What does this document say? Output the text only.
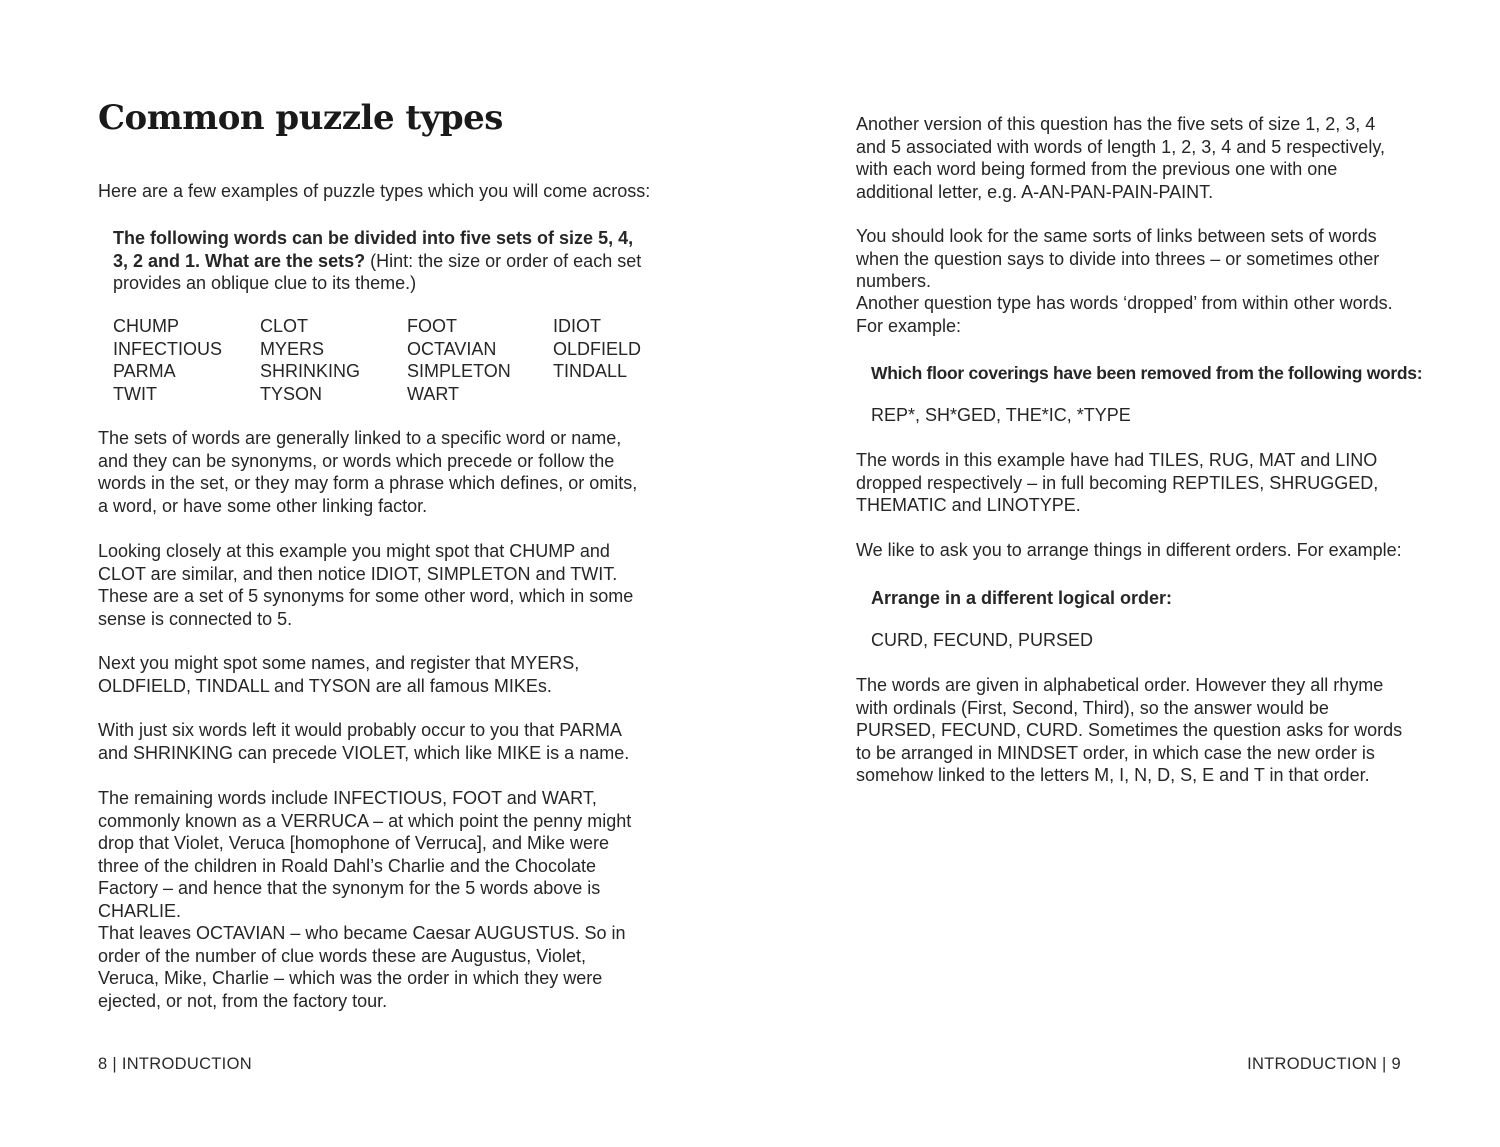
Common puzzle types

Here are a few examples of puzzle types which you will come across:

The following words can be divided into five sets of size 5, 4, 3, 2 and 1. What are the sets? (Hint: the size or order of each set provides an oblique clue to its theme.)

CHUMP	CLOT	FOOT	IDIOT
INFECTIOUS	MYERS	OCTAVIAN	OLDFIELD
PARMA	SHRINKING	SIMPLETON	TINDALL
TWIT	TYSON	WART

The sets of words are generally linked to a specific word or name, and they can be synonyms, or words which precede or follow the words in the set, or they may form a phrase which defines, or omits, a word, or have some other linking factor.

Looking closely at this example you might spot that CHUMP and CLOT are similar, and then notice IDIOT, SIMPLETON and TWIT. These are a set of 5 synonyms for some other word, which in some sense is connected to 5.

Next you might spot some names, and register that MYERS, OLDFIELD, TINDALL and TYSON are all famous MIKEs.

With just six words left it would probably occur to you that PARMA and SHRINKING can precede VIOLET, which like MIKE is a name.

The remaining words include INFECTIOUS, FOOT and WART, commonly known as a VERRUCA – at which point the penny might drop that Violet, Veruca [homophone of Verruca], and Mike were three of the children in Roald Dahl’s Charlie and the Chocolate Factory – and hence that the synonym for the 5 words above is CHARLIE.

That leaves OCTAVIAN – who became Caesar AUGUSTUS. So in order of the number of clue words these are Augustus, Violet, Veruca, Mike, Charlie – which was the order in which they were ejected, or not, from the factory tour.

Another version of this question has the five sets of size 1, 2, 3, 4 and 5 associated with words of length 1, 2, 3, 4 and 5 respectively, with each word being formed from the previous one with one additional letter, e.g. A-AN-PAN-PAIN-PAINT.

You should look for the same sorts of links between sets of words when the question says to divide into threes – or sometimes other numbers.

Another question type has words ‘dropped’ from within other words. For example:

Which floor coverings have been removed from the following words:

REP*, SH*GED, THE*IC, *TYPE

The words in this example have had TILES, RUG, MAT and LINO dropped respectively – in full becoming REPTILES, SHRUGGED, THEMATIC and LINOTYPE.

We like to ask you to arrange things in different orders. For example:

Arrange in a different logical order:

CURD, FECUND, PURSED

The words are given in alphabetical order. However they all rhyme with ordinals (First, Second, Third), so the answer would be PURSED, FECUND, CURD. Sometimes the question asks for words to be arranged in MINDSET order, in which case the new order is somehow linked to the letters M, I, N, D, S, E and T in that order.

8 | INTRODUCTION	INTRODUCTION | 9
